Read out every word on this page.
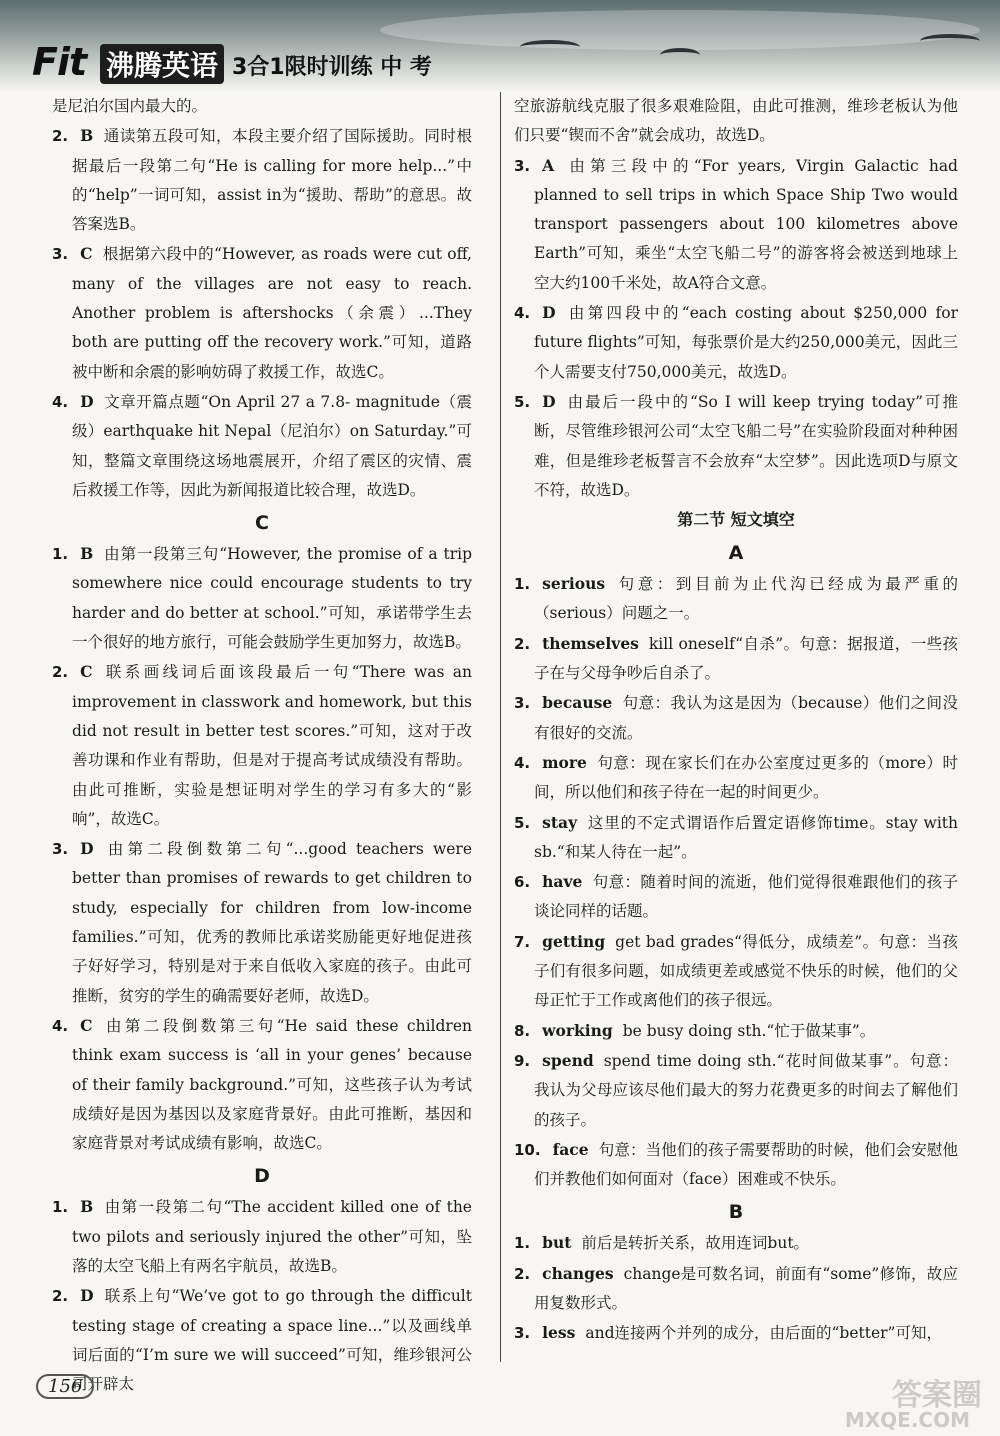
Fit 沸腾英语 3合1限时训练 中 考

是尼泊尔国内最大的。

2. B 通读第五段可知，本段主要介绍了国际援助。同时根据最后一段第二句“He is calling for more help...”中的“help”一词可知，assist in为“援助、帮助”的意思。故答案选B。

3. C 根据第六段中的“However, as roads were cut off, many of the villages are not easy to reach. Another problem is aftershocks（余震）...They both are putting off the recovery work.”可知，道路被中断和余震的影响妨碍了救援工作，故选C。

4. D 文章开篇点题“On April 27 a 7.8- magnitude（震级）earthquake hit Nepal（尼泊尔）on Saturday.”可知，整篇文章围绕这场地震展开，介绍了震区的灾情、震后救援工作等，因此为新闻报道比较合理，故选D。

C

1. B 由第一段第三句“However, the promise of a trip somewhere nice could encourage students to try harder and do better at school.”可知，承诺带学生去一个很好的地方旅行，可能会鼓励学生更加努力，故选B。

2. C 联系画线词后面该段最后一句“There was an improvement in classwork and homework, but this did not result in better test scores.”可知，这对于改善功课和作业有帮助，但是对于提高考试成绩没有帮助。由此可推断，实验是想证明对学生的学习有多大的“影响”，故选C。

3. D 由第二段倒数第二句“...good teachers were better than promises of rewards to get children to study, especially for children from low-income families.”可知，优秀的教师比承诺奖励能更好地促进孩子好好学习，特别是对于来自低收入家庭的孩子。由此可推断，贫穷的学生的确需要好老师，故选D。

4. C 由第二段倒数第三句“He said these children think exam success is ‘all in your genes’ because of their family background.”可知，这些孩子认为考试成绩好是因为基因以及家庭背景好。由此可推断，基因和家庭背景对考试成绩有影响，故选C。

D

1. B 由第一段第二句“The accident killed one of the two pilots and seriously injured the other”可知，坠落的太空飞船上有两名宇航员，故选B。

2. D 联系上句“We’ve got to go through the difficult testing stage of creating a space line...”以及画线单词后面的“I’m sure we will succeed”可知，维珍银河公司开辟太

空旅游航线克服了很多艰难险阻，由此可推测，维珍老板认为他们只要“锲而不舍”就会成功，故选D。

3. A 由第三段中的“For years, Virgin Galactic had planned to sell trips in which Space Ship Two would transport passengers about 100 kilometres above Earth”可知，乘坐“太空飞船二号”的游客将会被送到地球上空大约100千米处，故A符合文意。

4. D 由第四段中的“each costing about $250,000 for future flights”可知，每张票价是大约250,000美元，因此三个人需要支付750,000美元，故选D。

5. D 由最后一段中的“So I will keep trying today”可推断，尽管维珍银河公司“太空飞船二号”在实验阶段面对种种困难，但是维珍老板誓言不会放弃“太空梦”。因此选项D与原文不符，故选D。

第二节 短文填空
A

1. serious 句意：到目前为止代沟已经成为最严重的（serious）问题之一。

2. themselves kill oneself“自杀”。句意：据报道，一些孩子在与父母争吵后自杀了。

3. because 句意：我认为这是因为（because）他们之间没有很好的交流。

4. more 句意：现在家长们在办公室度过更多的（more）时间，所以他们和孩子待在一起的时间更少。

5. stay 这里的不定式谓语作后置定语修饰time。stay with sb.“和某人待在一起”。

6. have 句意：随着时间的流逝，他们觉得很难跟他们的孩子谈论同样的话题。

7. getting get bad grades“得低分，成绩差”。句意：当孩子们有很多问题，如成绩更差或感觉不快乐的时候，他们的父母正忙于工作或离他们的孩子很远。

8. working be busy doing sth.“忙于做某事”。

9. spend spend time doing sth.“花时间做某事”。句意：我认为父母应该尽他们最大的努力花费更多的时间去了解他们的孩子。

10. face 句意：当他们的孩子需要帮助的时候，他们会安慰他们并教他们如何面对（face）困难或不快乐。

B

1. but 前后是转折关系，故用连词but。

2. changes change是可数名词，前面有“some”修饰，故应用复数形式。

3. less and连接两个并列的成分，由后面的“better”可知，

156	答案圈
MXQE.COM
